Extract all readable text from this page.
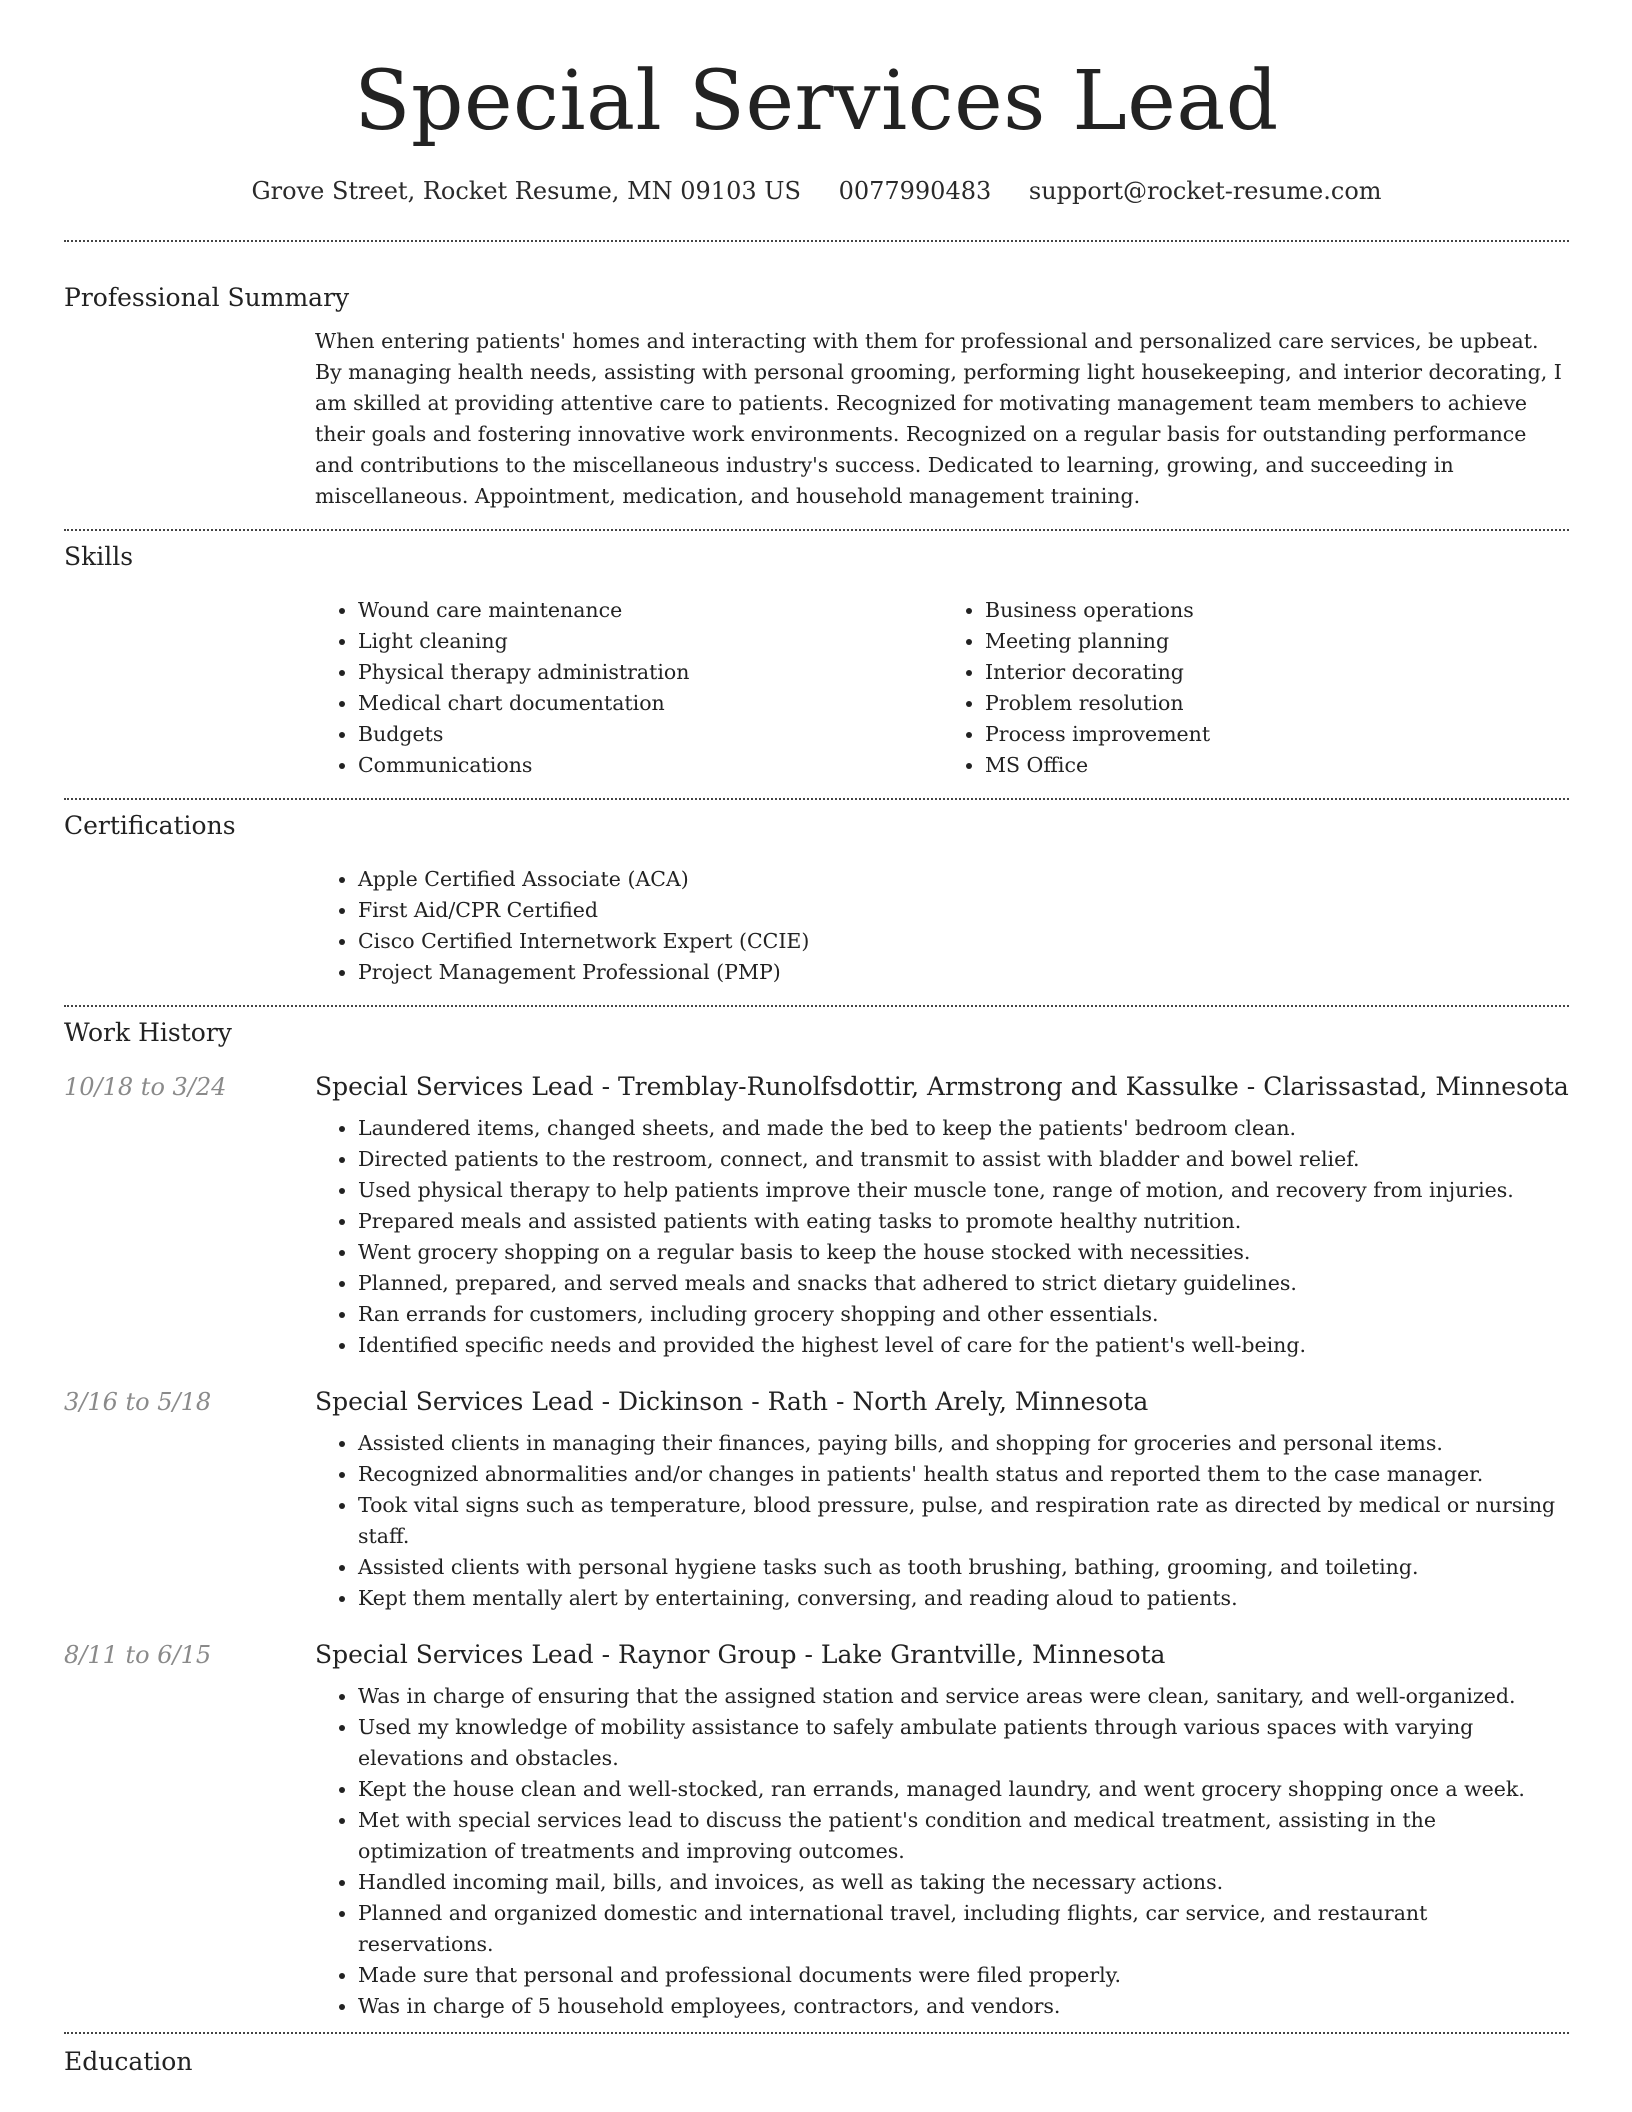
Special Services Lead
Grove Street, Rocket Resume, MN 09103 US 0077990483 support@rocket-resume.com
Professional Summary
When entering patients' homes and interacting with them for professional and personalized care services, be upbeat. By managing health needs, assisting with personal grooming, performing light housekeeping, and interior decorating, I am skilled at providing attentive care to patients. Recognized for motivating management team members to achieve their goals and fostering innovative work environments. Recognized on a regular basis for outstanding performance and contributions to the miscellaneous industry's success. Dedicated to learning, growing, and succeeding in miscellaneous. Appointment, medication, and household management training.
Skills
• Wound care maintenance
• Light cleaning
• Physical therapy administration
• Medical chart documentation
• Budgets
• Communications
• Business operations
• Meeting planning
• Interior decorating
• Problem resolution
• Process improvement
• MS Office
Certifications
• Apple Certified Associate (ACA)
• First Aid/CPR Certified
• Cisco Certified Internetwork Expert (CCIE)
• Project Management Professional (PMP)
Work History
10/18 to 3/24	Special Services Lead - Tremblay-Runolfsdottir, Armstrong and Kassulke - Clarissastad, Minnesota
• Laundered items, changed sheets, and made the bed to keep the patients' bedroom clean.
• Directed patients to the restroom, connect, and transmit to assist with bladder and bowel relief.
• Used physical therapy to help patients improve their muscle tone, range of motion, and recovery from injuries.
• Prepared meals and assisted patients with eating tasks to promote healthy nutrition.
• Went grocery shopping on a regular basis to keep the house stocked with necessities.
• Planned, prepared, and served meals and snacks that adhered to strict dietary guidelines.
• Ran errands for customers, including grocery shopping and other essentials.
• Identified specific needs and provided the highest level of care for the patient's well-being.
3/16 to 5/18	Special Services Lead - Dickinson - Rath - North Arely, Minnesota
• Assisted clients in managing their finances, paying bills, and shopping for groceries and personal items.
• Recognized abnormalities and/or changes in patients' health status and reported them to the case manager.
• Took vital signs such as temperature, blood pressure, pulse, and respiration rate as directed by medical or nursing staff.
• Assisted clients with personal hygiene tasks such as tooth brushing, bathing, grooming, and toileting.
• Kept them mentally alert by entertaining, conversing, and reading aloud to patients.
8/11 to 6/15	Special Services Lead - Raynor Group - Lake Grantville, Minnesota
• Was in charge of ensuring that the assigned station and service areas were clean, sanitary, and well-organized.
• Used my knowledge of mobility assistance to safely ambulate patients through various spaces with varying elevations and obstacles.
• Kept the house clean and well-stocked, ran errands, managed laundry, and went grocery shopping once a week.
• Met with special services lead to discuss the patient's condition and medical treatment, assisting in the optimization of treatments and improving outcomes.
• Handled incoming mail, bills, and invoices, as well as taking the necessary actions.
• Planned and organized domestic and international travel, including flights, car service, and restaurant reservations.
• Made sure that personal and professional documents were filed properly.
• Was in charge of 5 household employees, contractors, and vendors.
Education
